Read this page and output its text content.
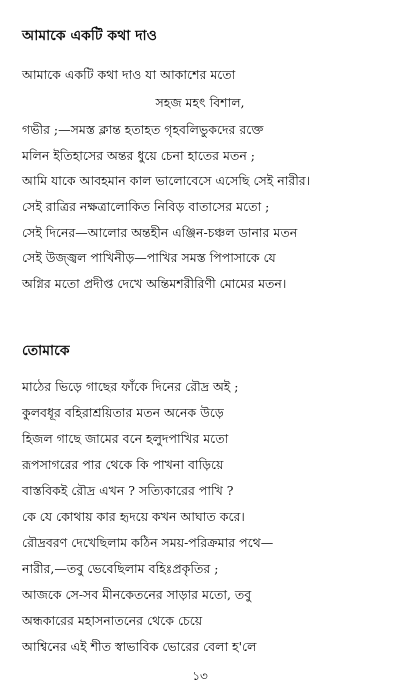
আমাকে একটি কথা দাও
আমাকে একটি কথা দাও যা আকাশের মতো
সহজ মহৎ বিশাল,
গভীর ;—সমস্ত ক্লান্ত হতাহত গৃহবলিভুকদের রক্তে
মলিন ইতিহাসের অন্তর ধুয়ে চেনা হাতের মতন ;
আমি যাকে আবহমান কাল ভালোবেসে এসেছি সেই নারীর।
সেই রাত্রির নক্ষত্রালোকিত নিবিড় বাতাসের মতো ;
সেই দিনের—আলোর অন্তহীন এঞ্জিন-চঞ্চল ডানার মতন
সেই উজ্জ্বল পাখিনীড়—পাখির সমস্ত পিপাসাকে যে
অগ্নির মতো প্রদীপ্ত দেখে অন্তিমশরীরিণী মোমের মতন।
তোমাকে
মাঠের ভিড়ে গাছের ফাঁকে দিনের রৌদ্র অই ;
কুলবধূর বহিরাশ্রয়িতার মতন অনেক উড়ে
হিজল গাছে জামের বনে হলুদপাখির মতো
রূপসাগরের পার থেকে কি পাখনা বাড়িয়ে
বাস্তবিকই রৌদ্র এখন ? সত্যিকারের পাখি ?
কে যে কোথায় কার হৃদয়ে কখন আঘাত করে।
রৌদ্রবরণ দেখেছিলাম কঠিন সময়-পরিক্রমার পথে—
নারীর,—তবু ভেবেছিলাম বহিঃপ্রকৃতির ;
আজকে সে-সব মীনকেতনের সাড়ার মতো, তবু
অন্ধকারের মহাসনাতনের থেকে চেয়ে
আশ্বিনের এই শীত স্বাভাবিক ভোরের বেলা হ'লে
১৩
